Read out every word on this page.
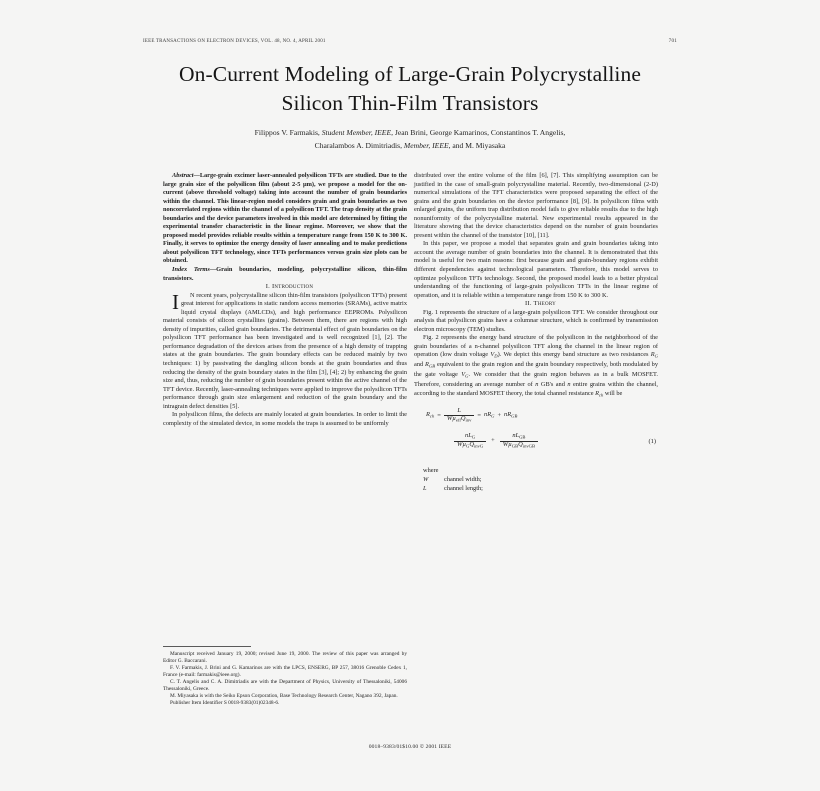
IEEE TRANSACTIONS ON ELECTRON DEVICES, VOL. 48, NO. 4, APRIL 2001	701
On-Current Modeling of Large-Grain Polycrystalline
Silicon Thin-Film Transistors
Filippos V. Farmakis, Student Member, IEEE, Jean Brini, George Kamarinos, Constantinos T. Angelis,
Charalambos A. Dimitriadis, Member, IEEE, and M. Miyasaka

Abstract—Large-grain excimer laser-annealed polysilicon TFTs are studied. Due to the large grain size of the polysilicon film (about 2-5 µm), we propose a model for the on-current (above threshold voltage) taking into account the number of grain boundaries within the channel. This linear-region model considers grain and grain boundaries as two noncorrelated regions within the channel of a polysilicon TFT. The trap density at the grain boundaries and the device parameters involved in this model are determined by fitting the experimental transfer characteristic in the linear regime. Moreover, we show that the proposed model provides reliable results within a temperature range from 150 K to 300 K. Finally, it serves to optimize the energy density of laser annealing and to make predictions about polysilicon TFT technology, since TFTs performances versus grain size plots can be obtained.

Index Terms—Grain boundaries, modeling, polycrystalline silicon, thin-film transistors.

I. Introduction

I	N recent years, polycrystalline silicon thin-film transistors (polysilicon TFTs) present great interest for applications in static random access memories (SRAMs), active matrix liquid crystal displays (AMLCDs), and high performance EEPROMs. Polysilicon material consists of silicon crystallites (grains). Between them, there are regions with high density of impurities, called grain boundaries. The detrimental effect of grain boundaries on the polysilicon TFT performance has been investigated and is well recognized [1], [2]. The performance degradation of the devices arises from the presence of a high density of trapping states at the grain boundaries. The grain boundary effects can be reduced mainly by two techniques: 1) by passivating the dangling silicon bonds at the grain boundaries and thus reducing the density of the grain boundary states in the film [3], [4]; 2) by enhancing the grain size and, thus, reducing the number of grain boundaries present within the active channel of the TFT device. Recently, laser-annealing techniques were applied to improve the polysilicon TFTs performance through grain size enlargement and reduction of the grain boundary and the intragrain defect densities [5].

In polysilicon films, the defects are mainly located at grain boundaries. In order to limit the complexity of the simulated device, in some models the traps is assumed to be uniformly

distributed over the entire volume of the film [6], [7]. This simplifying assumption can be justified in the case of small-grain polycrystalline material. Recently, two-dimensional (2-D) numerical simulations of the TFT characteristics were proposed separating the effect of the grains and the grain boundaries on the device performance [8], [9]. In polysilicon films with enlarged grains, the uniform trap distribution model fails to give reliable results due to the high nonuniformity of the polycrystalline material. New experimental results appeared in the literature showing that the device characteristics depend on the number of grain boundaries present within the channel of the transistor [10], [11].

In this paper, we propose a model that separates grain and grain boundaries taking into account the average number of grain boundaries into the channel. It is demonstrated that this model is useful for two main reasons: first because grain and grain-boundary regions exhibit different dependencies against technological parameters. Therefore, this model serves to optimize polysilicon TFTs technology. Second, the proposed model leads to a better physical understanding of the functioning of large-grain polysilicon TFTs in the linear regime of operation, and it is reliable within a temperature range from 150 K to 300 K.

II. Theory

Fig. 1 represents the structure of a large-grain polysilicon TFT. We consider throughout our analysis that polysilicon grains have a columnar structure, which is confirmed by transmission electron microscopy (TEM) studies.

Fig. 2 represents the energy band structure of the polysilicon in the neighborhood of the grain boundaries of a n-channel polysilicon TFT along the channel in the linear region of operation (low drain voltage $V_D$). We depict this energy band structure as two resistances $R_G$ and $R_{GB}$ equivalent to the grain region and the grain boundary respectively, both modulated by the gate voltage $V_G$. We consider that the grain region behaves as in a bulk MOSFET. Therefore, considering an average number of n GB's and n entire grains within the channel, according to the standard MOSFET theory, the total channel resistance $R_{ch}$ will be

$R_{ch} = \frac{L}{W\mu_{eff}Q_{inv}} = nR_G + nR_{GB}$
$\frac{nL_G}{W\mu_GQ_{invG}} + \frac{nL_{GB}}{W\mu_{GB}Q_{invGB}}$	(1)

where

W	channel width;
L	channel length;

Manuscript received January 19, 2000; revised June 19, 2000. The review of this paper was arranged by Editor G. Baccarani.

F. V. Farmakis, J. Brini and G. Kamarinos are with the LPCS, ENSERG, BP 257, 38016 Grenoble Cedex 1, France (e-mail: farmakis@ieee.org).

C. T. Angelis and C. A. Dimitriadis are with the Department of Physics, University of Thessaloniki, 54006 Thessaloniki, Greece.

M. Miyasaka is with the Seiko Epson Corporation, Base Technology Research Center, Nagano 392, Japan.

Publisher Item Identifier S 0018-9383(01)02348-6.

0018–9383/01$10.00 © 2001 IEEE
